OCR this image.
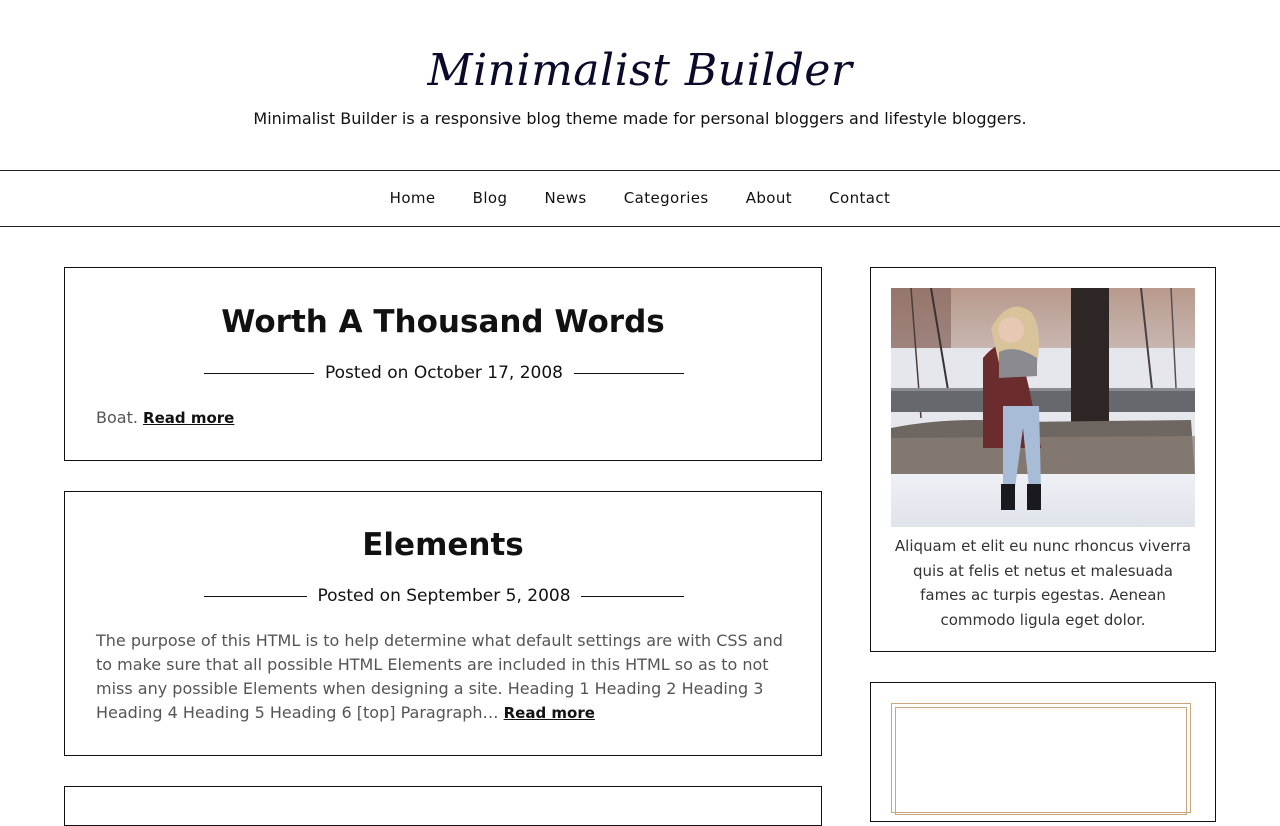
Minimalist Builder
Minimalist Builder is a responsive blog theme made for personal bloggers and lifestyle bloggers.
Home Blog News Categories About Contact
Worth A Thousand Words
Posted on October 17, 2008
Boat. Read more
Elements
Posted on September 5, 2008
The purpose of this HTML is to help determine what default settings are with CSS and to make sure that all possible HTML Elements are included in this HTML so as to not miss any possible Elements when designing a site. Heading 1 Heading 2 Heading 3 Heading 4 Heading 5 Heading 6 [top] Paragraph… Read more
Aliquam et elit eu nunc rhoncus viverra quis at felis et netus et malesuada fames ac turpis egestas. Aenean commodo ligula eget dolor.
